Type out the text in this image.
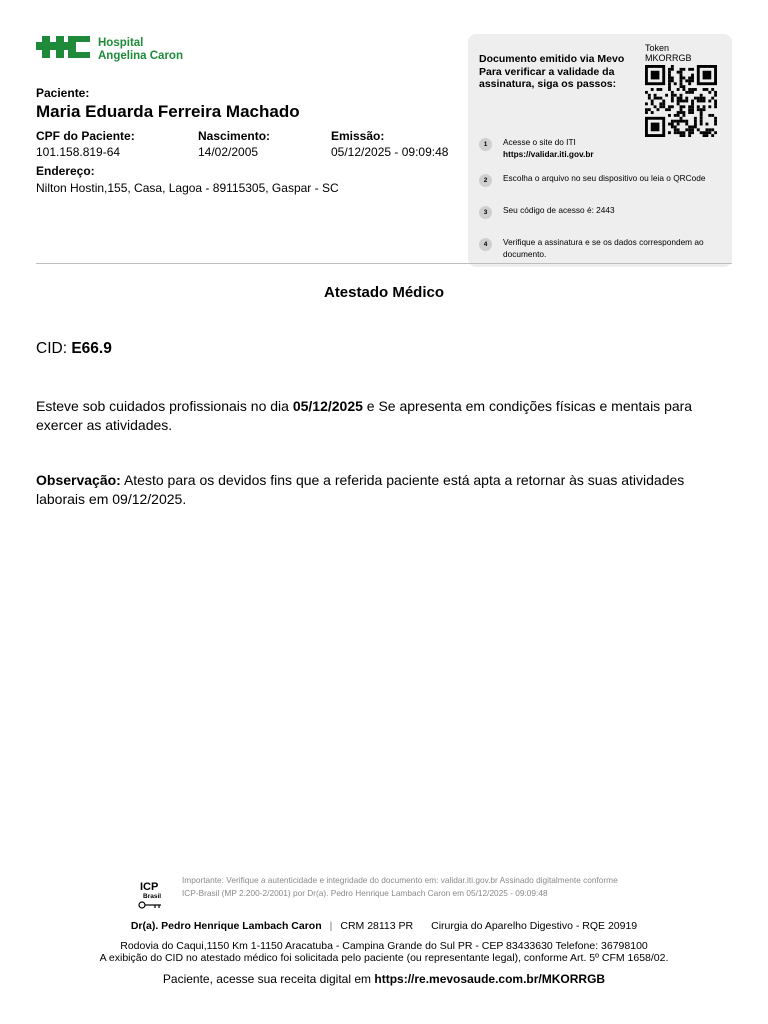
Hospital
Angelina Caron
Paciente:
Maria Eduarda Ferreira Machado
CPF do Paciente:
101.158.819-64
Nascimento:
14/02/2005
Emissão:
05/12/2025 - 09:09:48
Endereço:
Nilton Hostin,155, Casa, Lagoa - 89115305, Gaspar - SC
Documento emitido via Mevo Para verificar a validade da assinatura, siga os passos:
Token
MKORRGB
1	Acesse o site do ITI
https://validar.iti.gov.br
2	Escolha o arquivo no seu dispositivo ou leia o QRCode
3	Seu código de acesso é: 2443
4	Verifique a assinatura e se os dados correspondem ao documento.
Atestado Médico
CID: E66.9
Esteve sob cuidados profissionais no dia 05/12/2025 e Se apresenta em condições físicas e mentais para exercer as atividades.
Observação: Atesto para os devidos fins que a referida paciente está apta a retornar às suas atividades laborais em 09/12/2025.
ICP
Brasil
Importante: Verifique a autenticidade e integridade do documento em: validar.iti.gov.br Assinado digitalmente conforme ICP-Brasil (MP 2.200-2/2001) por Dr(a). Pedro Henrique Lambach Caron em 05/12/2025 - 09:09:48
Dr(a). Pedro Henrique Lambach Caron | CRM 28113 PR Cirurgia do Aparelho Digestivo - RQE 20919
Rodovia do Caqui,1150 Km 1-1150 Aracatuba - Campina Grande do Sul PR - CEP 83433630 Telefone: 36798100
A exibição do CID no atestado médico foi solicitada pelo paciente (ou representante legal), conforme Art. 5º CFM 1658/02.
Paciente, acesse sua receita digital em https://re.mevosaude.com.br/MKORRGB
